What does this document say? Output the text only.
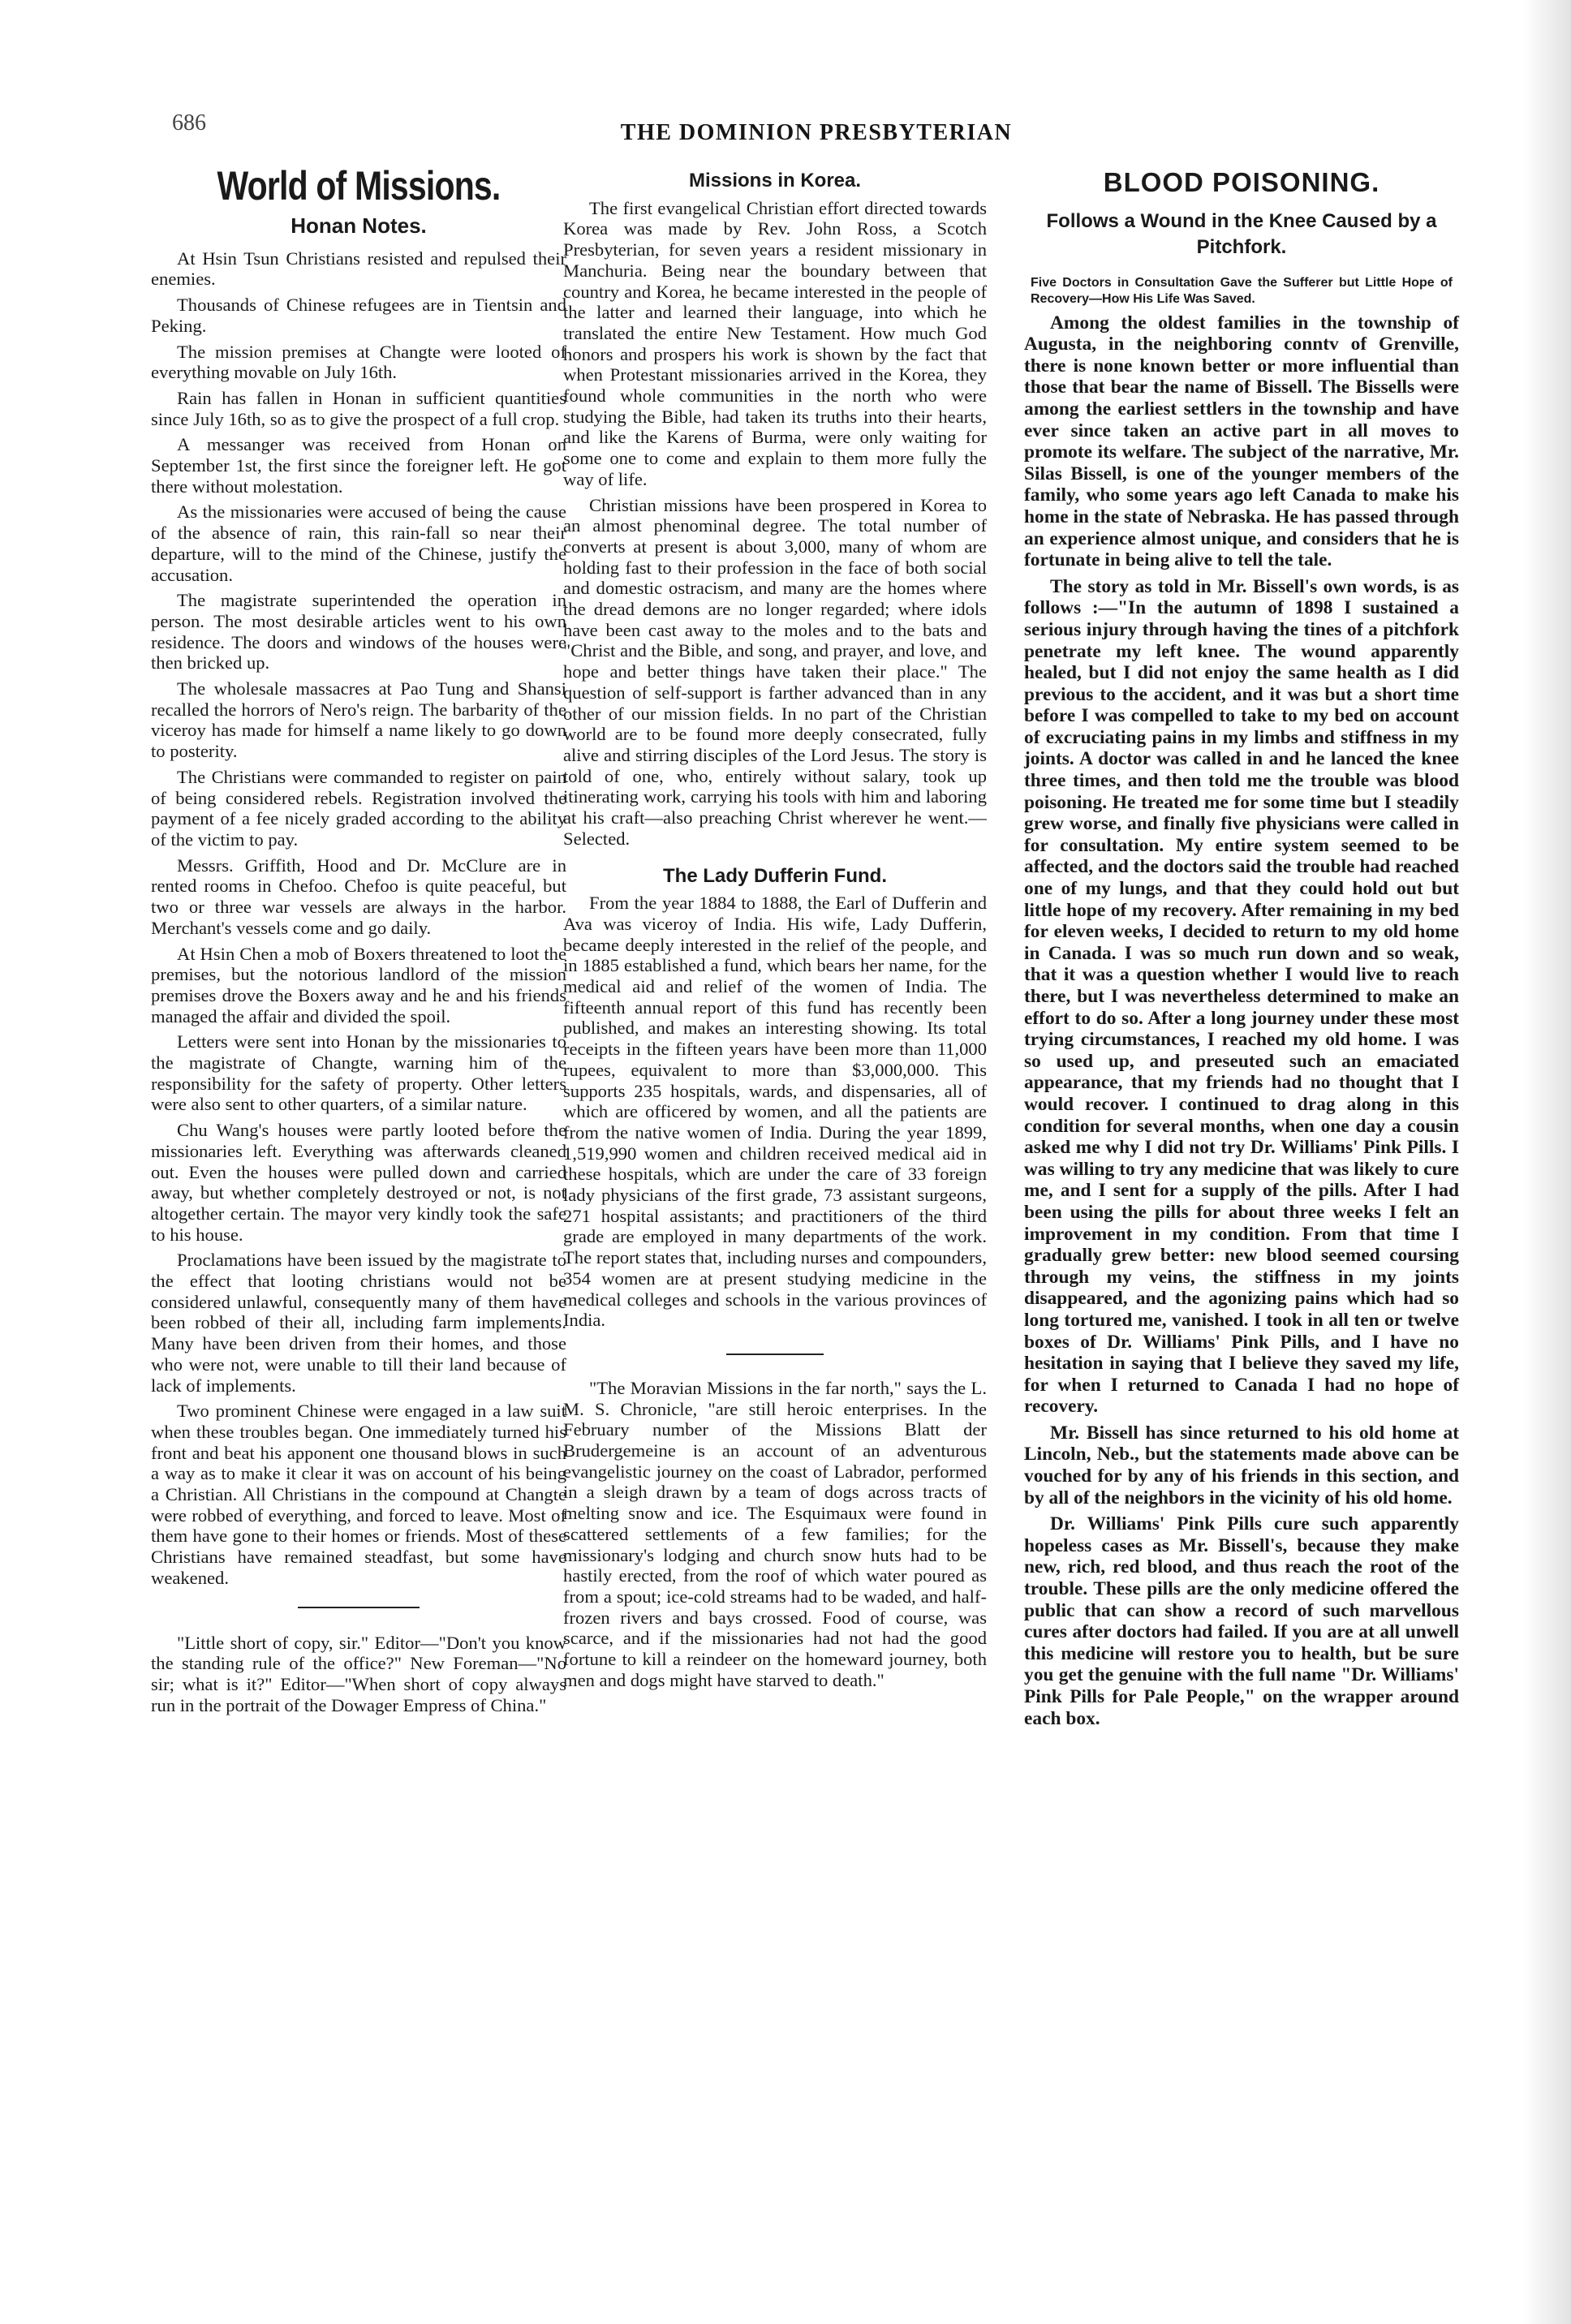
686	THE DOMINION PRESBYTERIAN
World of Missions.
Honan Notes.

At Hsin Tsun Christians resisted and repulsed their enemies.

Thousands of Chinese refugees are in Tientsin and Peking.

The mission premises at Changte were looted of everything movable on July 16th.

Rain has fallen in Honan in sufficient quantities since July 16th, so as to give the prospect of a full crop.

A messanger was received from Honan on September 1st, the first since the foreigner left. He got there without molestation.

As the missionaries were accused of being the cause of the absence of rain, this rain-fall so near their departure, will to the mind of the Chinese, justify the accusation.

The magistrate superintended the operation in person. The most desirable articles went to his own residence. The doors and windows of the houses were then bricked up.

The wholesale massacres at Pao Tung and Shansi recalled the horrors of Nero's reign. The barbarity of the viceroy has made for himself a name likely to go down to posterity.

The Christians were commanded to register on pain of being considered rebels. Registration involved the payment of a fee nicely graded according to the ability of the victim to pay.

Messrs. Griffith, Hood and Dr. McClure are in rented rooms in Chefoo. Chefoo is quite peaceful, but two or three war vessels are always in the harbor. Merchant's vessels come and go daily.

At Hsin Chen a mob of Boxers threatened to loot the premises, but the notorious landlord of the mission premises drove the Boxers away and he and his friends managed the affair and divided the spoil.

Letters were sent into Honan by the missionaries to the magistrate of Changte, warning him of the responsibility for the safety of property. Other letters were also sent to other quarters, of a similar nature.

Chu Wang's houses were partly looted before the missionaries left. Everything was afterwards cleaned out. Even the houses were pulled down and carried away, but whether completely destroyed or not, is not altogether certain. The mayor very kindly took the safe to his house.

Proclamations have been issued by the magistrate to the effect that looting christians would not be considered unlawful, consequently many of them have been robbed of their all, including farm implements. Many have been driven from their homes, and those who were not, were unable to till their land because of lack of implements.

Two prominent Chinese were engaged in a law suit when these troubles began. One immediately turned his front and beat his apponent one thousand blows in such a way as to make it clear it was on account of his being a Christian. All Christians in the compound at Changte were robbed of everything, and forced to leave. Most of them have gone to their homes or friends. Most of these Christians have remained steadfast, but some have weakened.

"Little short of copy, sir." Editor—"Don't you know the standing rule of the office?" New Foreman—"No sir; what is it?" Editor—"When short of copy always run in the portrait of the Dowager Empress of China."

Missions in Korea.

The first evangelical Christian effort directed towards Korea was made by Rev. John Ross, a Scotch Presbyterian, for seven years a resident missionary in Manchuria. Being near the boundary between that country and Korea, he became interested in the people of the latter and learned their language, into which he translated the entire New Testament. How much God honors and prospers his work is shown by the fact that when Protestant missionaries arrived in the Korea, they found whole communities in the north who were studying the Bible, had taken its truths into their hearts, and like the Karens of Burma, were only waiting for some one to come and explain to them more fully the way of life.

Christian missions have been prospered in Korea to an almost phenominal degree. The total number of converts at present is about 3,000, many of whom are holding fast to their profession in the face of both social and domestic ostracism, and many are the homes where the dread demons are no longer regarded; where idols have been cast away to the moles and to the bats and "Christ and the Bible, and song, and prayer, and love, and hope and better things have taken their place." The question of self-support is farther advanced than in any other of our mission fields. In no part of the Christian world are to be found more deeply consecrated, fully alive and stirring disciples of the Lord Jesus. The story is told of one, who, entirely without salary, took up itinerating work, carrying his tools with him and laboring at his craft—also preaching Christ wherever he went.—Selected.

The Lady Dufferin Fund.

From the year 1884 to 1888, the Earl of Dufferin and Ava was viceroy of India. His wife, Lady Dufferin, became deeply interested in the relief of the people, and in 1885 established a fund, which bears her name, for the medical aid and relief of the women of India. The fifteenth annual report of this fund has recently been published, and makes an interesting showing. Its total receipts in the fifteen years have been more than 11,000 rupees, equivalent to more than $3,000,000. This supports 235 hospitals, wards, and dispensaries, all of which are officered by women, and all the patients are from the native women of India. During the year 1899, 1,519,990 women and children received medical aid in these hospitals, which are under the care of 33 foreign lady physicians of the first grade, 73 assistant surgeons, 271 hospital assistants; and practitioners of the third grade are employed in many departments of the work. The report states that, including nurses and compounders, 354 women are at present studying medicine in the medical colleges and schools in the various provinces of India.

"The Moravian Missions in the far north," says the L. M. S. Chronicle, "are still heroic enterprises. In the February number of the Missions Blatt der Brudergemeine is an account of an adventurous evangelistic journey on the coast of Labrador, performed in a sleigh drawn by a team of dogs across tracts of melting snow and ice. The Esquimaux were found in scattered settlements of a few families; for the missionary's lodging and church snow huts had to be hastily erected, from the roof of which water poured as from a spout; ice-cold streams had to be waded, and half-frozen rivers and bays crossed. Food of course, was scarce, and if the missionaries had not had the good fortune to kill a reindeer on the homeward journey, both men and dogs might have starved to death."

BLOOD POISONING.
Follows a Wound in the Knee Caused by a Pitchfork.

Five Doctors in Consultation Gave the Sufferer but Little Hope of Recovery—How His Life Was Saved.

Among the oldest families in the township of Augusta, in the neighboring conntv of Grenville, there is none known better or more influential than those that bear the name of Bissell. The Bissells were among the earliest settlers in the township and have ever since taken an active part in all moves to promote its welfare. The subject of the narrative, Mr. Silas Bissell, is one of the younger members of the family, who some years ago left Canada to make his home in the state of Nebraska. He has passed through an experience almost unique, and considers that he is fortunate in being alive to tell the tale.

The story as told in Mr. Bissell's own words, is as follows :—"In the autumn of 1898 I sustained a serious injury through having the tines of a pitchfork penetrate my left knee. The wound apparently healed, but I did not enjoy the same health as I did previous to the accident, and it was but a short time before I was compelled to take to my bed on account of excruciating pains in my limbs and stiffness in my joints. A doctor was called in and he lanced the knee three times, and then told me the trouble was blood poisoning. He treated me for some time but I steadily grew worse, and finally five physicians were called in for consultation. My entire system seemed to be affected, and the doctors said the trouble had reached one of my lungs, and that they could hold out but little hope of my recovery. After remaining in my bed for eleven weeks, I decided to return to my old home in Canada. I was so much run down and so weak, that it was a question whether I would live to reach there, but I was nevertheless determined to make an effort to do so. After a long journey under these most trying circumstances, I reached my old home. I was so used up, and preseuted such an emaciated appearance, that my friends had no thought that I would recover. I continued to drag along in this condition for several months, when one day a cousin asked me why I did not try Dr. Williams' Pink Pills. I was willing to try any medicine that was likely to cure me, and I sent for a supply of the pills. After I had been using the pills for about three weeks I felt an improvement in my condition. From that time I gradually grew better: new blood seemed coursing through my veins, the stiffness in my joints disappeared, and the agonizing pains which had so long tortured me, vanished. I took in all ten or twelve boxes of Dr. Williams' Pink Pills, and I have no hesitation in saying that I believe they saved my life, for when I returned to Canada I had no hope of recovery.

Mr. Bissell has since returned to his old home at Lincoln, Neb., but the statements made above can be vouched for by any of his friends in this section, and by all of the neighbors in the vicinity of his old home.

Dr. Williams' Pink Pills cure such apparently hopeless cases as Mr. Bissell's, because they make new, rich, red blood, and thus reach the root of the trouble. These pills are the only medicine offered the public that can show a record of such marvellous cures after doctors had failed. If you are at all unwell this medicine will restore you to health, but be sure you get the genuine with the full name "Dr. Williams' Pink Pills for Pale People," on the wrapper around each box.
